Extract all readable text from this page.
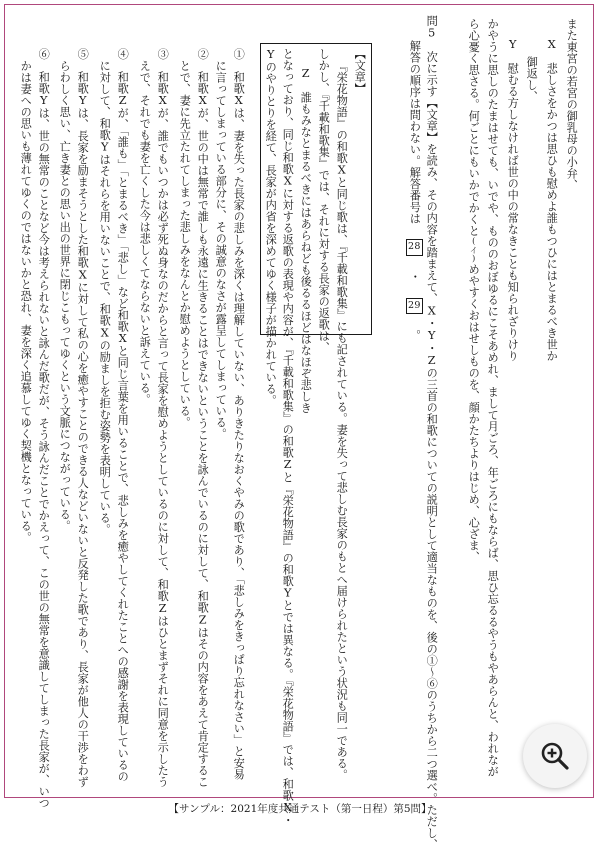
また東宮の若宮の御乳母の小弁、
X　悲しさをかつは思ひも慰めよ誰もつひにはとまるべき世か
御返し、
Y　慰むる方しなければ世の中の常なきことも知られざりけり
かやうに思しのたまはせても、いでや、もののおぼゆるにこそあめれ、まして月ごろ、年ごろにもならば、思ひ忘るるやうもやあらんと、われなが
ら心憂く思さる。何ごとにもいかでかくと(イ)めやすくおはせしものを、顔かたちよりはじめ、心ざま、
問5　次に示す【文章】を読み、その内容を踏まえて、X・Y・Zの三首の和歌についての説明として適当なものを、後の①～⑥のうちから二つ選べ。ただし、
解答の順序は問わない。解答番号は 28 ・ 29 。
【文章】
『栄花物語』の和歌Xと同じ歌は、『千載和歌集』にも記されている。妻を失って悲しむ長家のもとへ届けられたという状況も同一である。
しかし、『千載和歌集』では、それに対する長家の返歌は、
Z　誰もみなとまるべきにはあらねども後るるほどはなほぞ悲しき
となっており、同じ和歌Xに対する返歌の表現や内容が、『千載和歌集』の和歌Zと『栄花物語』の和歌Yとでは異なる。『栄花物語』では、和歌X・
Yのやりとりを経て、長家が内省を深めてゆく様子が描かれている。
①　和歌Xは、妻を失った長家の悲しみを深くは理解していない、ありきたりなおくやみの歌であり、「悲しみをきっぱり忘れなさい」と安易
に言ってしまっている部分に、その誠意のなさが露呈してしまっている。
②　和歌Xが、世の中は無常で誰しも永遠に生きることはできないということを詠んでいるのに対して、和歌Zはその内容をあえて肯定するこ
とで、妻に先立たれてしまった悲しみをなんとか慰めようとしている。
③　和歌Xが、誰でもいつかは必ず死ぬ身なのだからと言って長家を慰めようとしているのに対して、和歌Zはひとまずそれに同意を示したう
えで、それでも妻を亡くした今は悲しくてならないと訴えている。
④　和歌Zが、「誰も」「とまるべき」「悲し」など和歌Xと同じ言葉を用いることで、悲しみを癒やしてくれたことへの感謝を表現しているの
に対して、和歌Yはそれらを用いないことで、和歌Xの励ましを拒む姿勢を表明している。
⑤　和歌Yは、長家を励まそうとした和歌Xに対して私の心を癒やすことのできる人などいないと反発した歌であり、長家が他人の干渉をわず
らわしく思い、亡き妻との思い出の世界に閉じこもってゆくという文脈につながっている。
⑥　和歌Yは、世の無常のことなど今は考えられないと詠んだ歌だが、そう詠んだことでかえって、この世の無常を意識してしまった長家が、いつ
かは妻への思いも薄れてゆくのではないかと恐れ、妻を深く追慕してゆく契機となっている。
【サンプル：2021年度共通テスト（第一日程）第5問】
